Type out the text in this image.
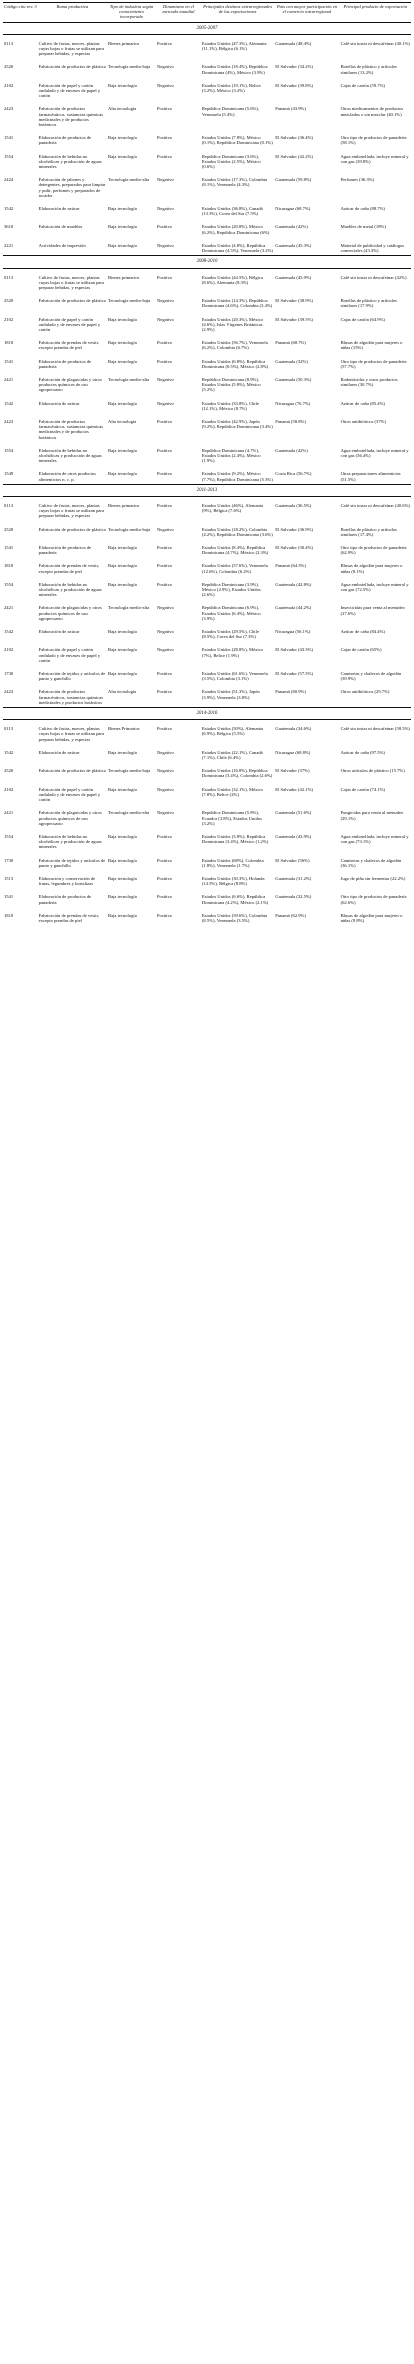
Código ciiu rev. 3	Rama productiva	Tipo de industria según conocimiento incorporado	Dinamismo en el mercado mundial	Principales destinos extrarregionales de las exportaciones	País con mayor participación en el comercio intrarregional	Principal producto de exportación
2005-2007						
0113	Cultivo de frutas, nueces, plantas cuyas hojas o frutas se utilizan para preparar bebidas, y especias	Bienes primarios	Positivo	Estados Unidos (47.3%), Alemania (11.1%), Bélgica (6.1%)	Guatemala (48.4%)	Café sin tostar ni descafeinar (40.1%)
2520	Fabricación de productos de plástico	Tecnología medio-baja	Negativo	Estados Unidos (18.4%), República Dominicana (4%), México (3.9%)	El Salvador (34.2%)	Botellas de plástico y artículos similares (13.2%)
2102	Fabricación de papel y cartón ondulado y de envases de papel y cartón	Baja tecnología	Negativo	Estados Unidos (19.1%), Belice (3.2%), México (3.2%)	El Salvador (39.8%)	Cajas de cartón (59.7%)
2423	Fabricación de productos farmacéuticos, sustancias químicas medicinales y de productos botánicos	Alta tecnología	Positivo	República Dominicana (5.6%), Venezuela (5.4%)	Panamá (43.9%)	Otros medicamentos de productos mezclados o sin mezclar (40.1%)
1541	Elaboración de productos de panadería	Baja tecnología	Positivo	Estados Unidos (7.8%), México (0.1%), República Dominicana (0.1%)	El Salvador (36.4%)	Otro tipo de productos de panadería (58.1%)
1554	Elaboración de bebidas no alcohólicas y producción de aguas minerales	Baja tecnología	Positivo	República Dominicana (3.6%), Estados Unidos (2.5%), México (0.6%)	El Salvador (42.2%)	Agua embotellada, incluye mineral y con gas (39.8%)
2424	Fabricación de jabones y detergentes, preparados para limpiar y pulir, perfumes y preparados de tocador	Tecnología medio-alta	Negativo	Estados Unidos (17.3%), Colombia (8.1%), Venezuela (4.3%)	Guatemala (59.8%)	Perfumes (36.3%)
1542	Elaboración de azúcar	Baja tecnología	Negativo	Estados Unidos (36.8%), Canadá (13.3%), Corea del Sur (7.5%)	Nicaragua (68.7%)	Azúcar de caña (88.7%)
3610	Fabricación de muebles	Baja tecnología	Positivo	Estados Unidos (20.8%), México (6.2%), República Dominicana (6%)	Guatemala (42%)	Muebles de metal (18%)
2221	Actividades de impresión	Baja tecnología	Negativo	Estados Unidos (4.8%), República Dominicana (4.5%), Venezuela (3.2%)	Guatemala (45.3%)	Material de publicidad y catálogos comerciales (43.3%)
2008-2010						
0113	Cultivo de frutas, nueces, plantas cuyas hojas o frutas se utilizan para preparar bebidas, y especias	Bienes primarios	Positivo	Estados Unidos (44.5%), Bélgica (8.6%), Alemania (8.3%)	Guatemala (45.9%)	Café sin tostar ni descafeinar (42%)
2520	Fabricación de productos de plástico	Tecnología medio-baja	Negativo	Estados Unidos (14.3%), República Dominicana (4.6%), Colombia (3.4%)	El Salvador (38.9%)	Botellas de plástico y artículos similares (17.9%)
2102	Fabricación de papel y cartón ondulado y de envases de papel y cartón	Baja tecnología	Negativo	Estados Unidos (20.3%), México (4.6%), Islas Vírgenes Británicas (2.9%)	El Salvador (39.5%)	Cajas de cartón (64.9%)
1810	Fabricación de prendas de vestir, excepto prendas de piel	Baja tecnología	Positivo	Estados Unidos (56.7%), Venezuela (6.2%), Colombia (6.7%)	Panamá (68.7%)	Blusas de algodón para mujeres o niñas (15%)
1541	Elaboración de productos de panadería	Baja tecnología	Positivo	Estados Unidos (6.8%), República Dominicana (0.5%), México (2.8%)	Guatemala (32%)	Otro tipo de productos de panadería (57.7%)
2421	Fabricación de plaguicidas y otros productos químicos de uso agropecuario	Tecnología medio-alta	Negativo	República Dominicana (8.9%), Estados Unidos (5.8%), México (5.2%)	Guatemala (50.3%)	Rodenticidas y otros productos similares (30.7%)
1542	Elaboración de azúcar	Baja tecnología	Negativo	Estados Unidos (33.8%), Chile (12.1%), México (8.7%)	Nicaragua (76.7%)	Azúcar de caña (85.4%)
2423	Fabricación de productos farmacéuticos, sustancias químicas medicinales y de productos botánicos	Alta tecnología	Positivo	Estados Unidos (42.9%), Japón (9.2%), República Dominicana (3.4%)	Panamá (58.8%)	Otros antibióticos (37%)
1554	Elaboración de bebidas no alcohólicas y producción de aguas minerales	Baja tecnología	Positivo	República Dominicana (4.7%), Estados Unidos (2.4%), México (1.9%)	Guatemala (42%)	Agua embotellada, incluye mineral y con gas (36.4%)
1549	Elaboración de otros productos alimenticios n. c. p.	Baja tecnología	Positivo	Estados Unidos (9.2%), México (7.7%), República Dominicana (5.3%)	Costa Rica (56.7%)	Otras preparaciones alimenticias (51.5%)
2011-2013						
0113	Cultivo de frutas, nueces, plantas cuyas hojas o frutas se utilizan para preparar bebidas, y especias	Bienes primarios	Positivo	Estados Unidos (46%), Alemania (9%), Bélgica (7.6%)	Guatemala (36.5%)	Café sin tostar ni descafeinar (40.6%)
2520	Fabricación de productos de plástico	Tecnología medio-baja	Negativo	Estados Unidos (18.2%), Colombia (4.2%), República Dominicana (3.6%)	El Salvador (36.9%)	Botellas de plástico y artículos similares (17.4%)
1541	Elaboración de productos de panadería	Baja tecnología	Positivo	Estados Unidos (8.4%), República Dominicana (4.7%), México (2.3%)	El Salvador (30.4%)	Otro tipo de productos de panadería (62.9%)
1810	Fabricación de prendas de vestir, excepto prendas de piel	Baja tecnología	Positivo	Estados Unidos (57.6%), Venezuela (12.6%), Colombia (6.2%)	Panamá (64.3%)	Blusas de algodón para mujeres o niñas (8.1%)
1554	Elaboración de bebidas no alcohólicas y producción de aguas minerales	Baja tecnología	Positivo	República Dominicana (3.9%), México (2.9%), Estados Unidos (2.6%)	Guatemala (42.8%)	Agua embotellada, incluye mineral y con gas (72.5%)
2421	Fabricación de plaguicidas y otros productos químicos de uso agropecuario	Tecnología medio-alta	Negativo	República Dominicana (6.9%), Estados Unidos (6.4%), México (3.9%)	Guatemala (44.2%)	Insecticidas para venta al menudeo (27.6%)
1542	Elaboración de azúcar	Baja tecnología	Negativo	Estados Unidos (29.5%), Chile (8.5%), Corea del Sur (7.3%)	Nicaragua (56.1%)	Azúcar de caña (84.4%)
2102	Fabricación de papel y cartón ondulado y de envases de papel y cartón	Baja tecnología	Negativo	Estados Unidos (28.8%), México (7%), Belice (1.9%)	El Salvador (43.3%)	Cajas de cartón (65%)
1730	Fabricación de tejidos y artículos de punto y ganchillo	Baja tecnología	Positivo	Estados Unidos (61.6%), Venezuela (3.5%), Colombia (3.1%)	El Salvador (57.5%)	Camisetas y chalecos de algodón (39.9%)
2423	Fabricación de productos farmacéuticos, sustancias químicas medicinales y productos botánicos	Alta tecnología	Positivo	Estados Unidos (51.3%), Japón (3.9%), Venezuela (3.8%)	Panamá (60.9%)	Otros antibióticos (29.7%)
2014-2016						
0113	Cultivo de frutas, nueces, plantas cuyas hojas o frutas se utilizan para preparar bebidas, y especias	Bienes Primarios	Positivo	Estados Unidos (50%), Alemania (6.9%), Bélgica (5.5%)	Guatemala (34.6%)	Café sin tostar ni descafeinar (58.5%)
1542	Elaboración de azúcar	Baja tecnología	Negativo	Estados Unidos (22.1%), Canadá (7.1%), Chile (6.4%)	Nicaragua (68.8%)	Azúcar de caña (97.5%)
2520	Fabricación de productos de plástico	Tecnología medio-baja	Negativo	Estados Unidos (16.8%), República Dominicana (3.4%), Colombia (2.6%)	El Salvador (37%)	Otros artículos de plástico (15.7%)
2102	Fabricación de papel y cartón ondulado y de envases de papel y cartón	Baja tecnología	Negativo	Estados Unidos (32.1%), México (7.8%), Belice (2%)	El Salvador (42.1%)	Cajas de cartón (74.1%)
2421	Fabricación de plaguicidas y otros productos químicos de uso agropecuario	Tecnología medio-alta	Negativo	República Dominicana (5.8%), Ecuador (3.8%), Estados Unidos (3.2%)	Guatemala (51.6%)	Fungicidas para venta al menudeo (29.1%)
1554	Elaboración de bebidas no alcohólicas y producción de aguas minerales	Baja tecnología	Positivo	Estados Unidos (3.8%), República Dominicana (3.4%), México (1.2%)	Guatemala (43.9%)	Agua embotellada, incluye mineral y con gas (73.1%)
1730	Fabricación de tejidos y artículos de punto y ganchillo	Baja tecnología	Positivo	Estados Unidos (68%), Colombia (1.8%), Venezuela (1.7%)	El Salvador (56%)	Camisetas y chalecos de algodón (36.1%)
1513	Elaboración y conservación de frutas, legumbres y hortalizas	Baja tecnología	Positivo	Estados Unidos (30.3%), Holanda (14.5%), Bélgica (8.8%)	Guatemala (31.2%)	Jugo de piña sin fermentar (22.2%)
1541	Elaboración de productos de panadería	Baja tecnología	Positivo	Estados Unidos (6.6%), República Dominicana (4.2%), México (2.1%)	Guatemala (32.5%)	Otro tipo de productos de panadería (62.6%)
1810	Fabricación de prendas de vestir, excepto prendas de piel	Baja tecnología	Positivo	Estados Unidos (59.6%), Colombia (8.5%), Venezuela (3.5%)	Panamá (62.9%)	Blusas de algodón para mujeres o niñas (9.8%)
